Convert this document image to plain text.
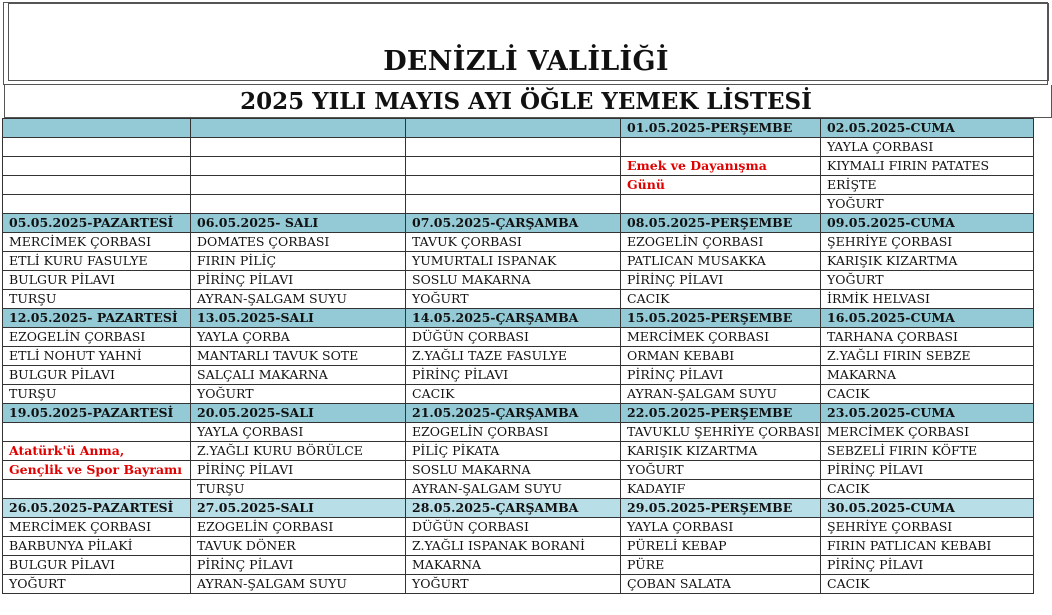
DENİZLİ VALİLİĞİ
2025 YILI MAYIS AYI ÖĞLE YEMEK LİSTESİ
			01.05.2025-PERŞEMBE	02.05.2025-CUMA
				YAYLA ÇORBASI
			Emek ve Dayanışma	KIYMALI FIRIN PATATES
			Günü	ERİŞTE
				YOĞURT
05.05.2025-PAZARTESİ	06.05.2025- SALI	07.05.2025-ÇARŞAMBA	08.05.2025-PERŞEMBE	09.05.2025-CUMA
MERCİMEK ÇORBASI	DOMATES ÇORBASI	TAVUK ÇORBASI	EZOGELİN ÇORBASI	ŞEHRİYE ÇORBASI
ETLİ KURU FASULYE	FIRIN PİLİÇ	YUMURTALI ISPANAK	PATLICAN MUSAKKA	KARIŞIK KIZARTMA
BULGUR PİLAVI	PİRİNÇ PİLAVI	SOSLU MAKARNA	PİRİNÇ PİLAVI	YOĞURT
TURŞU	AYRAN-ŞALGAM SUYU	YOĞURT	CACIK	İRMİK HELVASI
12.05.2025- PAZARTESİ	13.05.2025-SALI	14.05.2025-ÇARŞAMBA	15.05.2025-PERŞEMBE	16.05.2025-CUMA
EZOGELİN ÇORBASI	YAYLA ÇORBA	DÜĞÜN ÇORBASI	MERCİMEK ÇORBASI	TARHANA ÇORBASI
ETLİ NOHUT YAHNİ	MANTARLI TAVUK SOTE	Z.YAĞLI TAZE FASULYE	ORMAN KEBABI	Z.YAĞLI FIRIN SEBZE
BULGUR PİLAVI	SALÇALI MAKARNA	PİRİNÇ PİLAVI	PİRİNÇ PİLAVI	MAKARNA
TURŞU	YOĞURT	CACIK	AYRAN-ŞALGAM SUYU	CACIK
19.05.2025-PAZARTESİ	20.05.2025-SALI	21.05.2025-ÇARŞAMBA	22.05.2025-PERŞEMBE	23.05.2025-CUMA
	YAYLA ÇORBASI	EZOGELİN ÇORBASI	TAVUKLU ŞEHRİYE ÇORBASI	MERCİMEK ÇORBASI
Atatürk'ü Anma,	Z.YAĞLI KURU BÖRÜLCE	PİLİÇ PİKATA	KARIŞIK KIZARTMA	SEBZELİ FIRIN KÖFTE
Gençlik ve Spor Bayramı	PİRİNÇ PİLAVI	SOSLU MAKARNA	YOĞURT	PİRİNÇ PİLAVI
	TURŞU	AYRAN-ŞALGAM SUYU	KADAYIF	CACIK
26.05.2025-PAZARTESİ	27.05.2025-SALI	28.05.2025-ÇARŞAMBA	29.05.2025-PERŞEMBE	30.05.2025-CUMA
MERCİMEK ÇORBASI	EZOGELİN ÇORBASI	DÜĞÜN ÇORBASI	YAYLA ÇORBASI	ŞEHRİYE ÇORBASI
BARBUNYA PİLAKİ	TAVUK DÖNER	Z.YAĞLI ISPANAK BORANİ	PÜRELİ KEBAP	FIRIN PATLICAN KEBABI
BULGUR PİLAVI	PİRİNÇ PİLAVI	MAKARNA	PÜRE	PİRİNÇ PİLAVI
YOĞURT	AYRAN-ŞALGAM SUYU	YOĞURT	ÇOBAN SALATA	CACIK
